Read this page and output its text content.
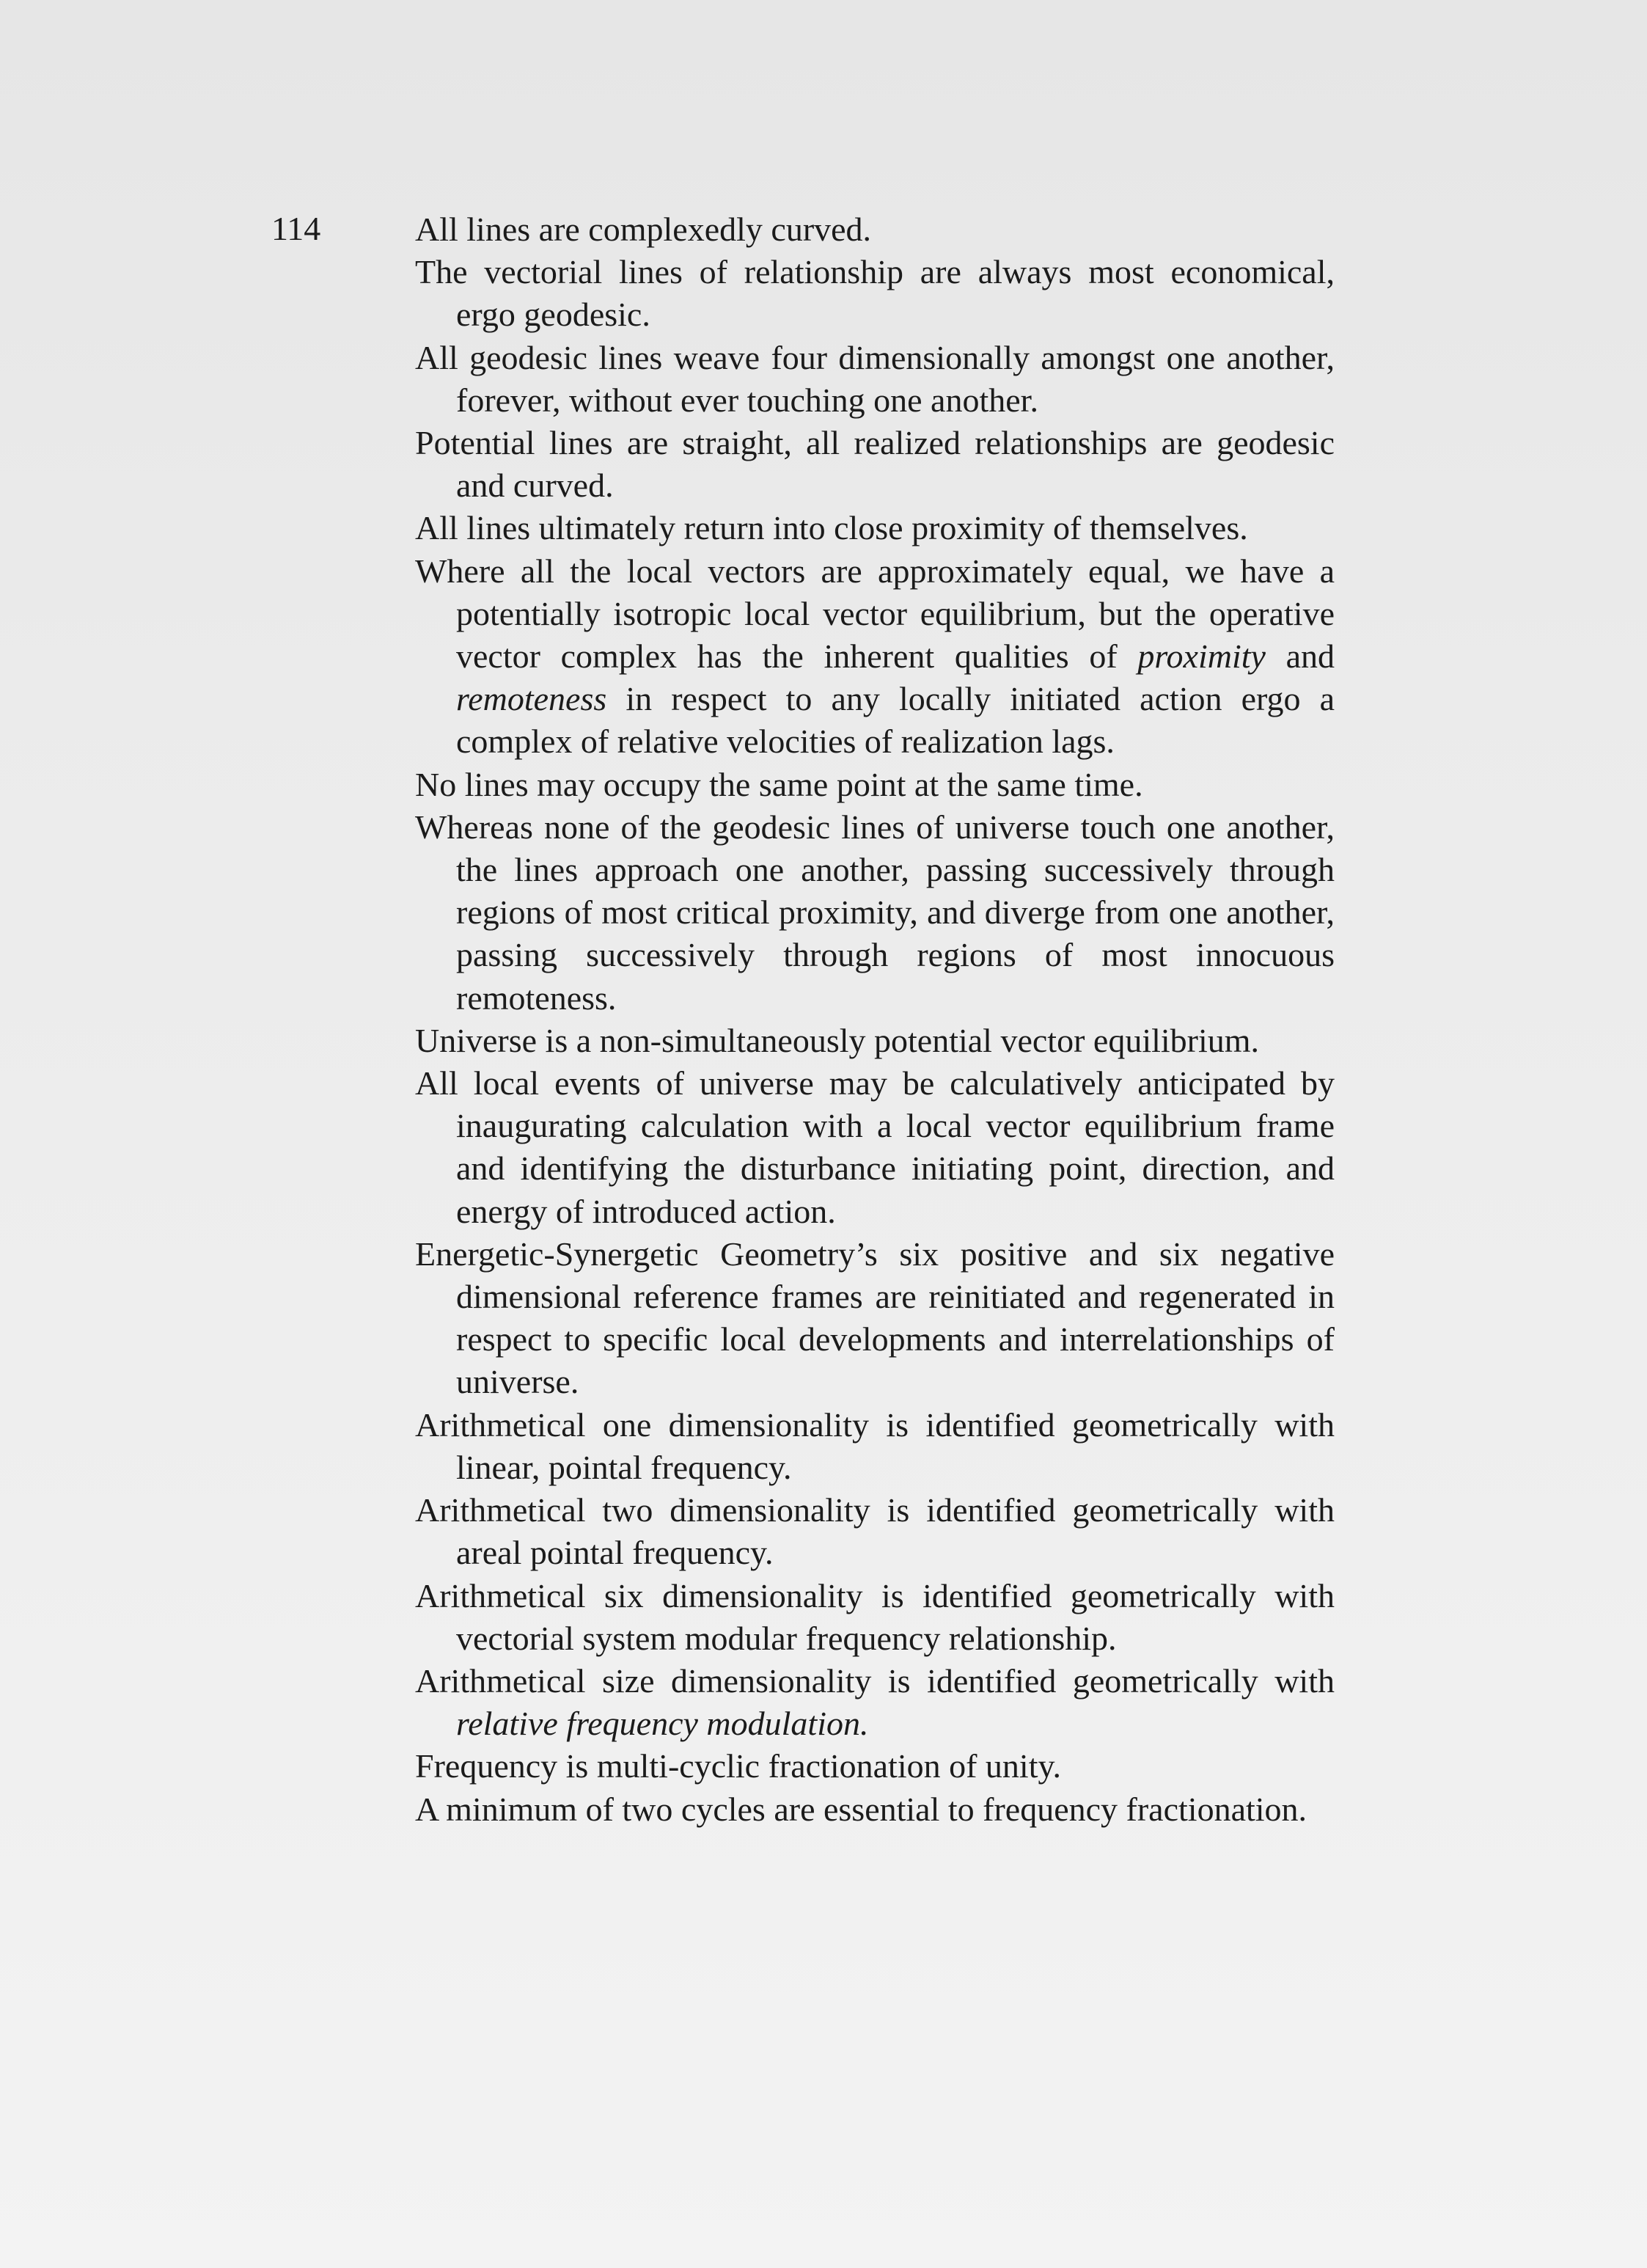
114	All lines are complexedly curved.

The vectorial lines of relationship are always most economical, ergo geodesic.

All geodesic lines weave four dimensionally amongst one another, forever, without ever touching one another.

Potential lines are straight, all realized relationships are geodesic and curved.

All lines ultimately return into close proximity of themselves.

Where all the local vectors are approximately equal, we have a potentially isotropic local vector equilibrium, but the operative vector complex has the inherent qualities of proximity and remoteness in respect to any locally initiated action ergo a complex of relative velocities of realization lags.

No lines may occupy the same point at the same time.

Whereas none of the geodesic lines of universe touch one another, the lines approach one another, passing successively through regions of most critical proximity, and diverge from one another, passing successively through regions of most innocuous remoteness.

Universe is a non-simultaneously potential vector equilibrium.

All local events of universe may be calculatively anticipated by inaugurating calculation with a local vector equilibrium frame and identifying the disturbance initiating point, direction, and energy of introduced action.

Energetic-Synergetic Geometry’s six positive and six negative dimensional reference frames are reinitiated and regenerated in respect to specific local developments and interrelationships of universe.

Arithmetical one dimensionality is identified geometrically with linear, pointal frequency.

Arithmetical two dimensionality is identified geometrically with areal pointal frequency.

Arithmetical six dimensionality is identified geometrically with vectorial system modular frequency relationship.

Arithmetical size dimensionality is identified geometrically with relative frequency modulation.

Frequency is multi-cyclic fractionation of unity.

A minimum of two cycles are essential to frequency fractionation.
